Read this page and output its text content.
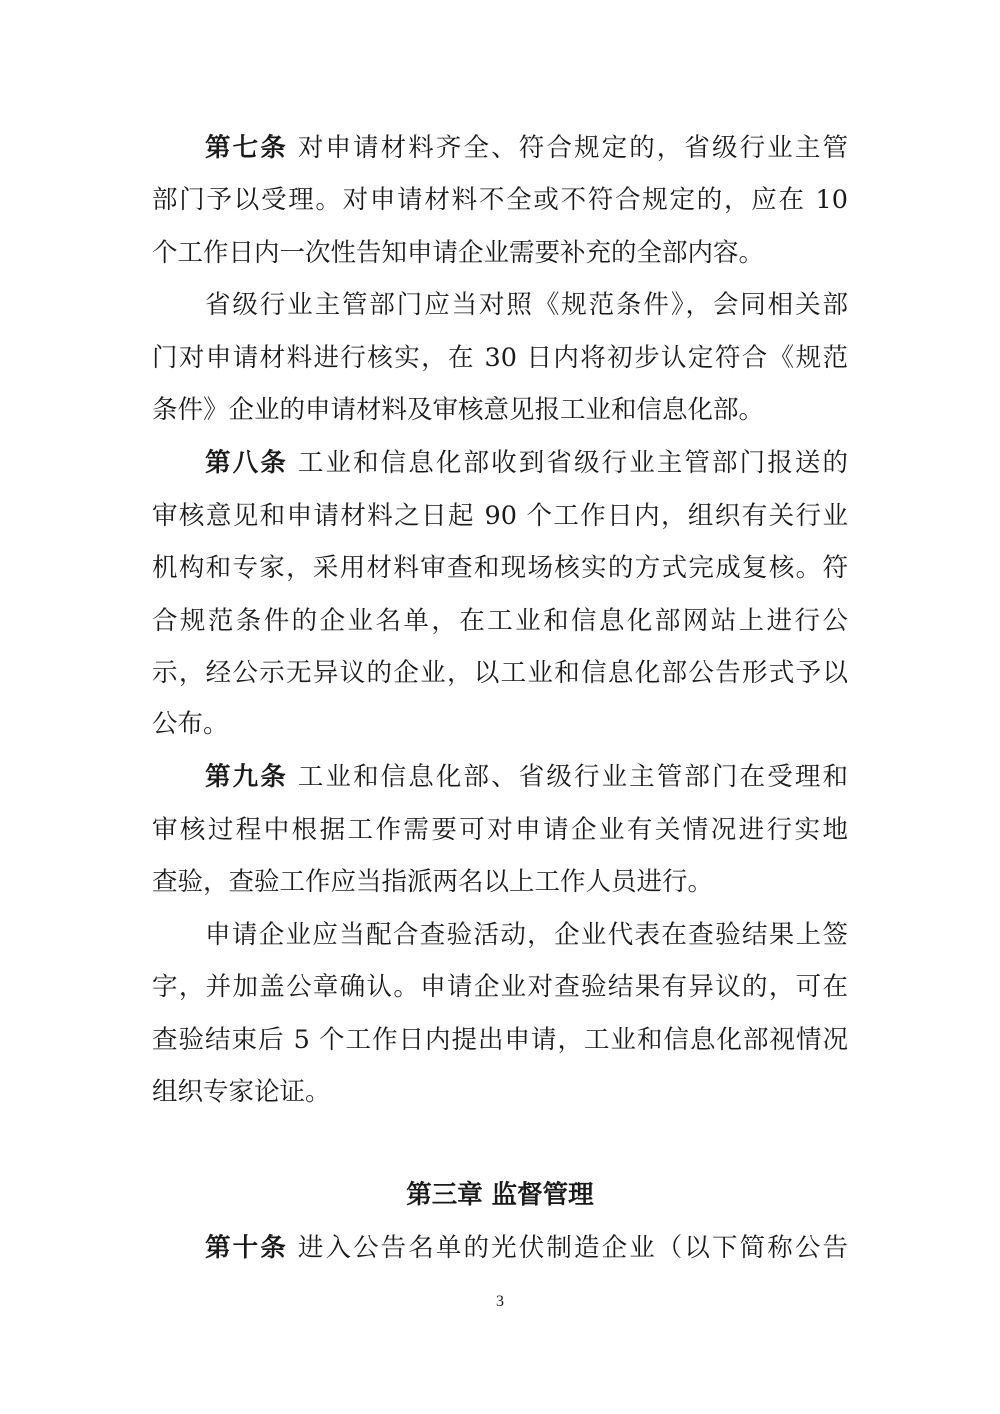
第七条 对申请材料齐全、符合规定的，省级行业主管
部门予以受理。对申请材料不全或不符合规定的，应在 10
个工作日内一次性告知申请企业需要补充的全部内容。
省级行业主管部门应当对照《规范条件》，会同相关部
门对申请材料进行核实，在 30 日内将初步认定符合《规范
条件》企业的申请材料及审核意见报工业和信息化部。
第八条 工业和信息化部收到省级行业主管部门报送的
审核意见和申请材料之日起 90 个工作日内，组织有关行业
机构和专家，采用材料审查和现场核实的方式完成复核。符
合规范条件的企业名单，在工业和信息化部网站上进行公
示，经公示无异议的企业，以工业和信息化部公告形式予以
公布。
第九条 工业和信息化部、省级行业主管部门在受理和
审核过程中根据工作需要可对申请企业有关情况进行实地
查验，查验工作应当指派两名以上工作人员进行。
申请企业应当配合查验活动，企业代表在查验结果上签
字，并加盖公章确认。申请企业对查验结果有异议的，可在
查验结束后 5 个工作日内提出申请，工业和信息化部视情况
组织专家论证。
第十条 进入公告名单的光伏制造企业（以下简称公告
第三章 监督管理
3
